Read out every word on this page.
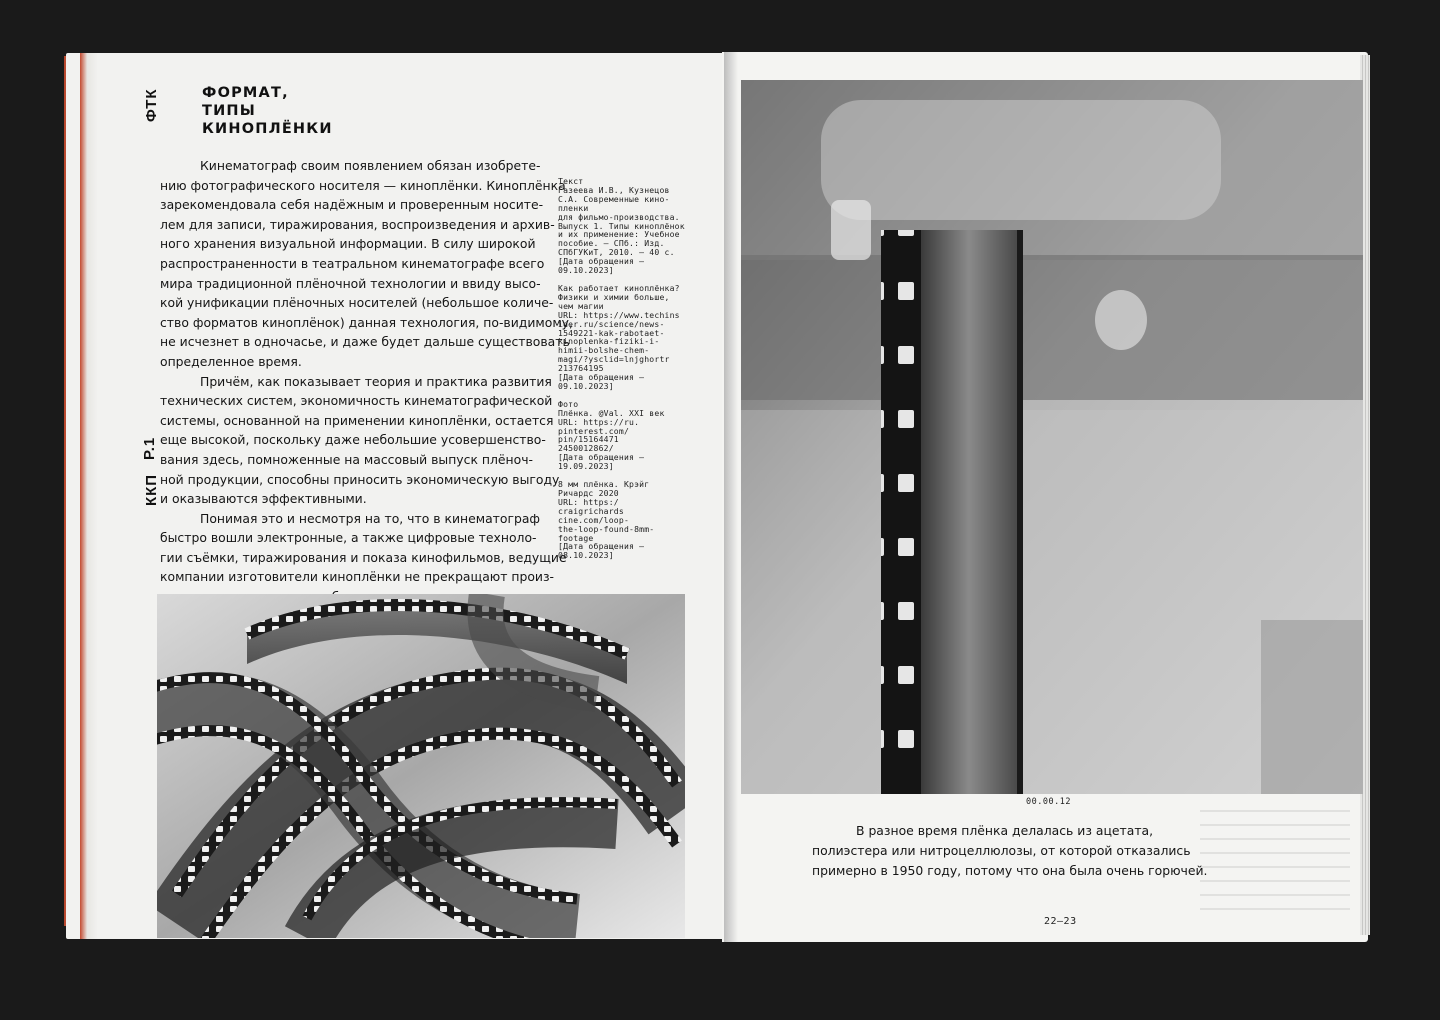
ФТК
Р.1
ККП
ФОРМАТ,
ТИПЫ
КИНОПЛЁНКИ
Кинематограф своим появлением обязан изобрете-
нию фотографического носителя — киноплёнки. Киноплёнка
зарекомендовала себя надёжным и проверенным носите-
лем для записи, тиражирования, воспроизведения и архив-
ного хранения визуальной информации. В силу широкой
распространенности в театральном кинематографе всего
мира традиционной плёночной технологии и ввиду высо-
кой унификации плёночных носителей (небольшое количе-
ство форматов киноплёнок) данная технология, по-видимому,
не исчезнет в одночасье, и даже будет дальше существовать
определенное время.
Причём, как показывает теория и практика развития
технических систем, экономичность кинематографической
системы, основанной на применении киноплёнки, остается
еще высокой, поскольку даже небольшие усовершенство-
вания здесь, помноженные на массовый выпуск плёноч-
ной продукции, способны приносить экономическую выгоду
и оказываются эффективными.
Понимая это и несмотря на то, что в кинематограф
быстро вошли электронные, а также цифровые техноло-
гии съёмки, тиражирования и показа кинофильмов, ведущие
компании изготовители киноплёнки не прекращают произ-
Текст
Газеева И.В., Кузнецов
С.А. Современные кино-
пленки
для фильмо-производства.
Выпуск 1. Типы киноплёнок
и их применение: Учебное
пособие. – СПб.: Изд.
СПбГУКиТ, 2010. – 40 с.
[Дата обращения –
09.10.2023]
Как работает киноплёнка?
Физики и химии больше,
чем магии
URL: https://www.techins
ider.ru/science/news-
1549221-kak-rabotaet-
kinoplenka-fiziki-i-
himii-bolshe-chem-
magi/?ysclid=lnjghortr
213764195
[Дата обращения –
09.10.2023]
Фото
Плёнка. @Val. XXI век
URL: https://ru.
pinterest.com/
pin/15164471
2450012862/
[Дата обращения –
19.09.2023]
8 мм плёнка. Крэйг
Ричардс 2020
URL: https:/
craigrichards
cine.com/loop-
the-loop-found-8mm-
footage
[Дата обращения –
08.10.2023]
00.00.12
В разное время плёнка делалась из ацетата,
полиэстера или нитроцеллюлозы, от которой отказались
примерно в 1950 году, потому что она была очень горючей.
22–23
